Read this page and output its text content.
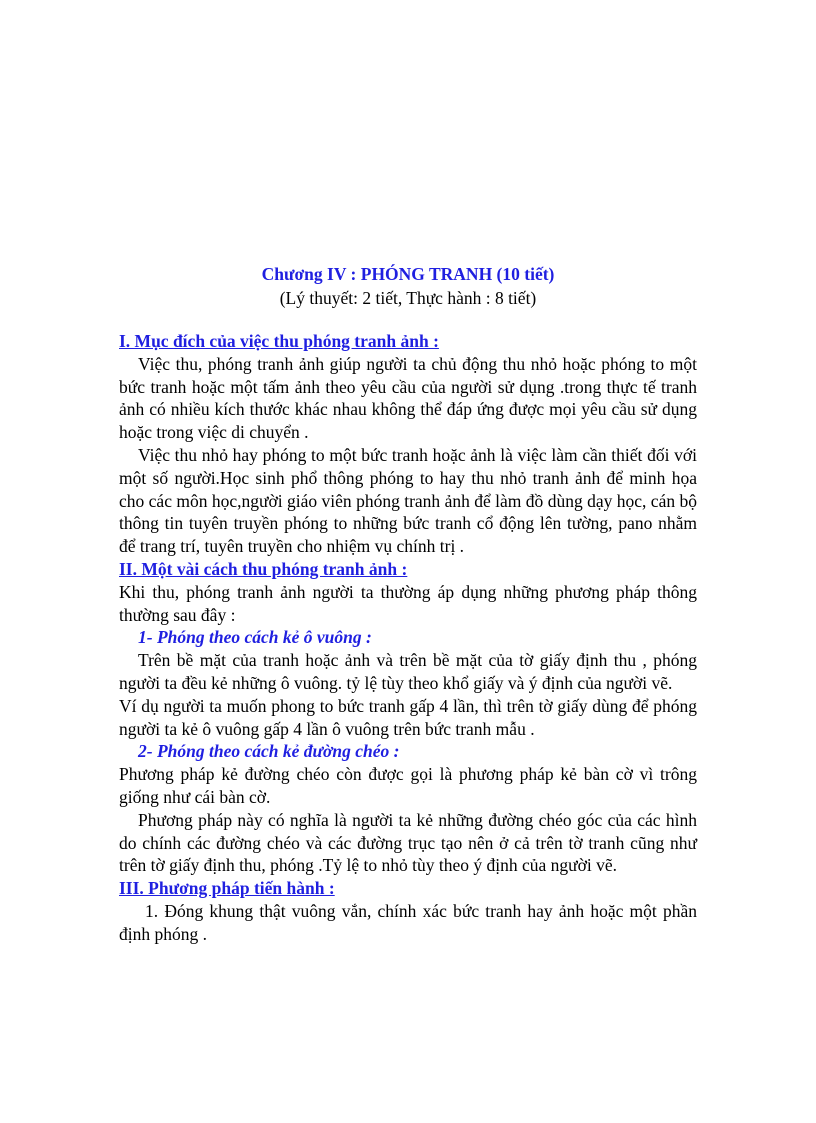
Chương IV : PHÓNG TRANH (10 tiết)
(Lý thuyết: 2 tiết, Thực hành : 8 tiết)

I. Mục đích của việc thu phóng tranh ảnh :

Việc thu, phóng tranh ảnh giúp người ta chủ động thu nhỏ hoặc phóng to một bức tranh hoặc một tấm ảnh theo yêu cầu của người sử dụng .trong thực tế tranh ảnh có nhiều kích thước khác nhau không thể đáp ứng được mọi yêu cầu sử dụng hoặc trong việc di chuyển .

Việc thu nhỏ hay phóng to một bức tranh hoặc ảnh là việc làm cần thiết đối với một số người.Học sinh phổ thông phóng to hay thu nhỏ tranh ảnh để minh họa cho các môn học,người giáo viên phóng tranh ảnh để làm đồ dùng dạy học, cán bộ thông tin tuyên truyền phóng to những bức tranh cổ động lên tường, pano nhằm để trang trí, tuyên truyền cho nhiệm vụ chính trị .

II. Một vài cách thu phóng tranh ảnh :

Khi thu, phóng tranh ảnh người ta thường áp dụng những phương pháp thông thường sau đây :

1- Phóng theo cách kẻ ô vuông :

Trên bề mặt của tranh hoặc ảnh và trên bề mặt của tờ giấy định thu , phóng người ta đều kẻ những ô vuông. tỷ lệ tùy theo khổ giấy và ý định của người vẽ.

Ví dụ người ta muốn phong to bức tranh gấp 4 lần, thì trên tờ giấy dùng để phóng người ta kẻ ô vuông gấp 4 lần ô vuông trên bức tranh mẫu .

2- Phóng theo cách kẻ đường chéo :

Phương pháp kẻ đường chéo còn được gọi là phương pháp kẻ bàn cờ vì trông giống như cái bàn cờ.

Phương pháp này có nghĩa là người ta kẻ những đường chéo góc của các hình do chính các đường chéo và các đường trục tạo nên ở cả trên tờ tranh cũng như trên tờ giấy định thu, phóng .Tỷ lệ to nhỏ tùy theo ý định của người vẽ.

III. Phương pháp tiến hành :

1. Đóng khung thật vuông vắn, chính xác bức tranh hay ảnh hoặc một phần định phóng .
